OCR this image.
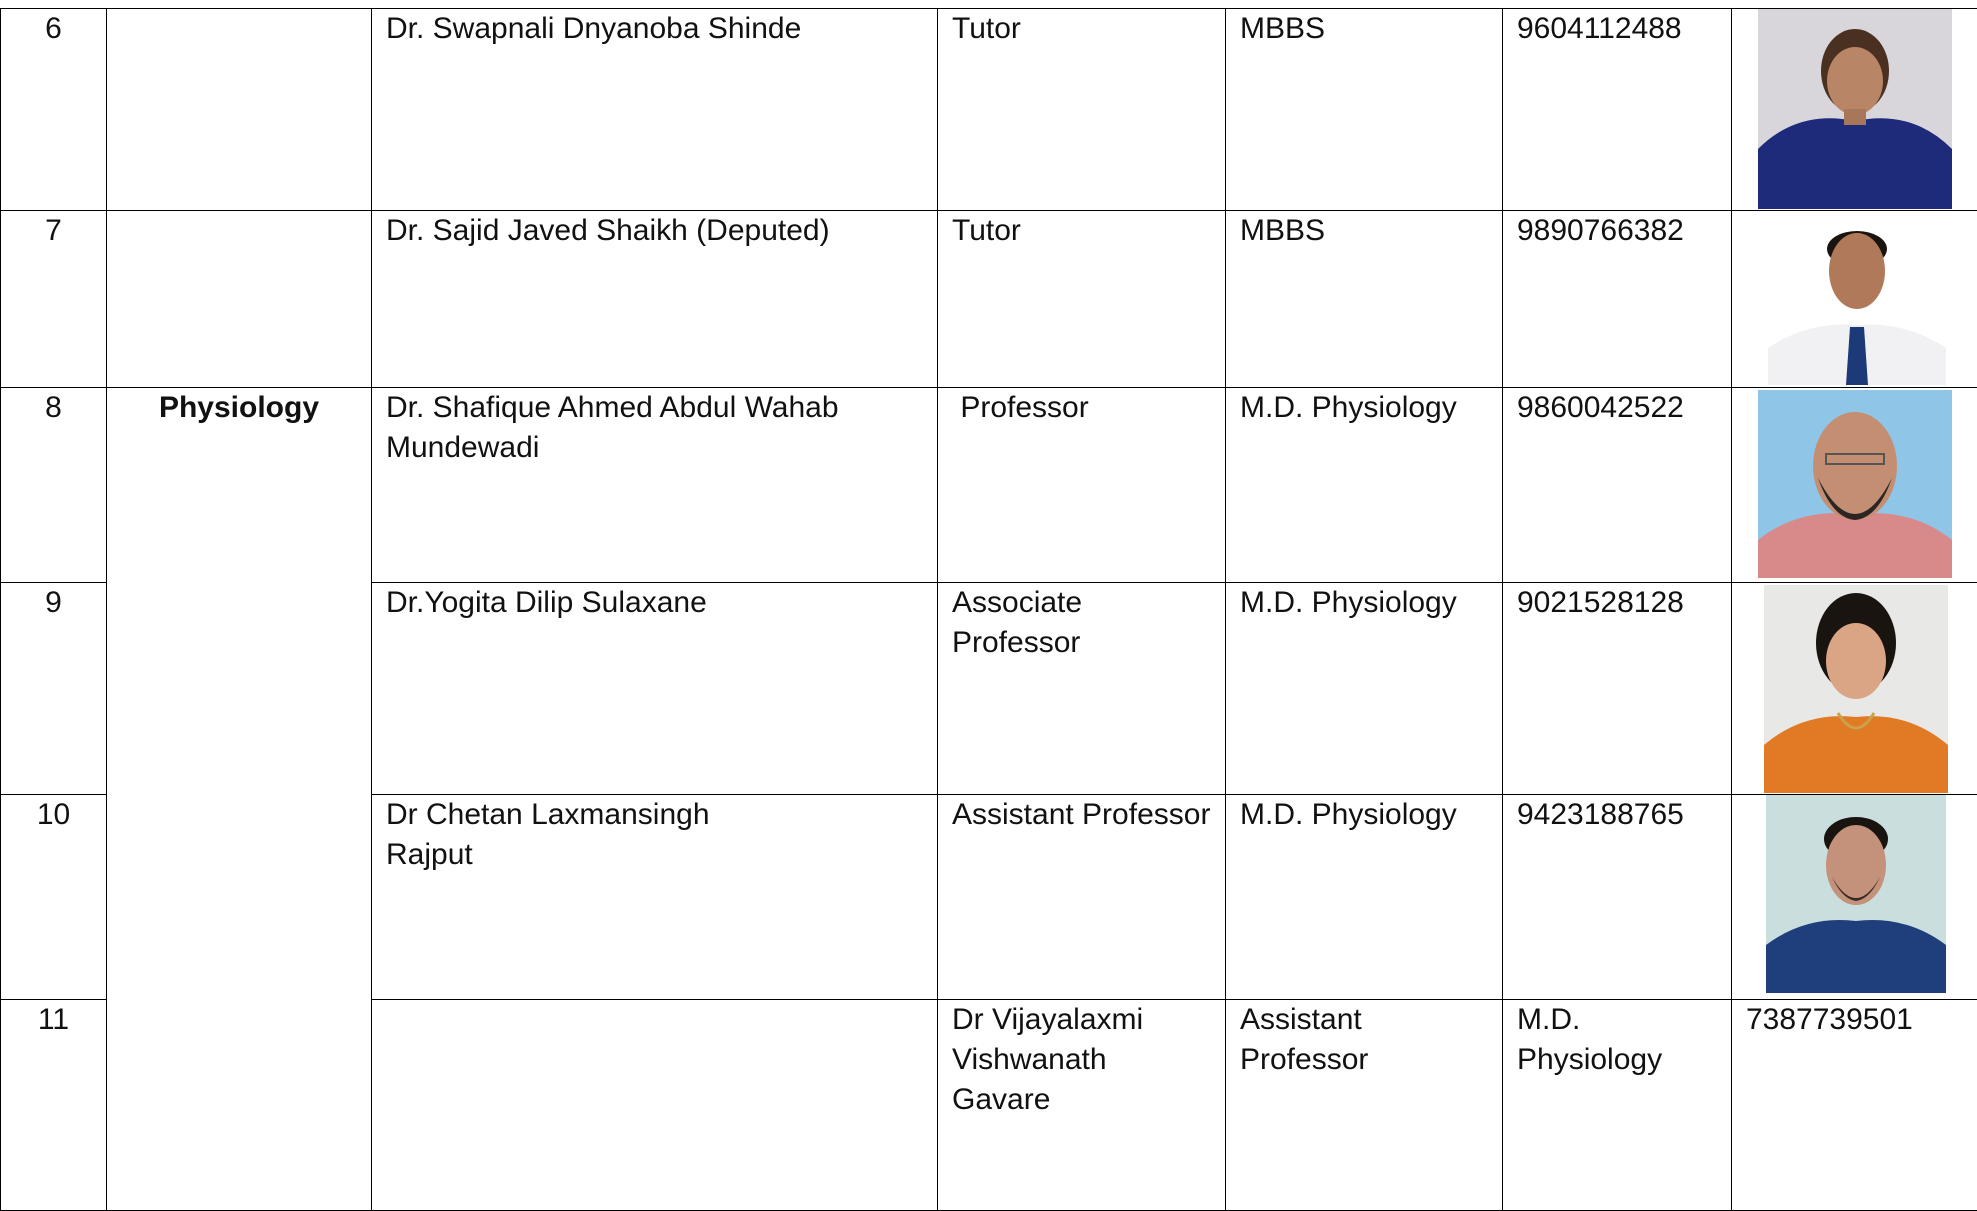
6		Dr. Swapnali Dnyanoba Shinde	Tutor	MBBS	9604112488

7		Dr. Sajid Javed Shaikh (Deputed)	Tutor	MBBS	9890766382

8	Physiology	Dr. Shafique Ahmed Abdul Wahab Mundewadi	Professor	M.D. Physiology	9860042522

9		Dr.Yogita Dilip Sulaxane	Associate Professor	M.D. Physiology	9021528128

10		Dr Chetan Laxmansingh
Rajput	Assistant Professor	M.D. Physiology	9423188765

11			Dr Vijayalaxmi Vishwanath Gavare	Assistant Professor	M.D. Physiology	7387739501
